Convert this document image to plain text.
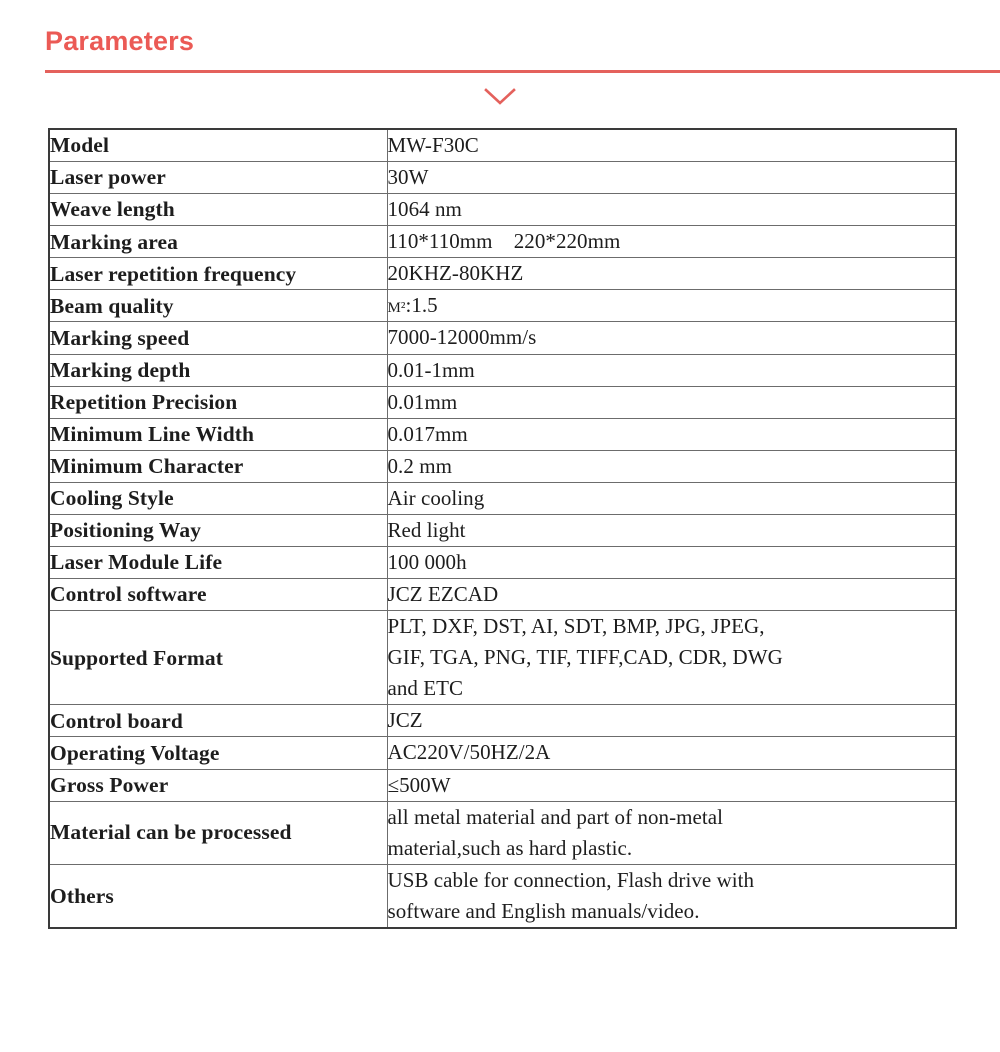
Parameters
Model	MW-F30C

Laser power	30W

Weave length	1064 nm

Marking area	110*110mm    220*220mm

Laser repetition frequency	20KHZ-80KHZ

Beam quality	M²:1.5

Marking speed	7000-12000mm/s

Marking depth	0.01-1mm

Repetition Precision	0.01mm

Minimum Line Width	0.017mm

Minimum Character	0.2 mm

Cooling Style	Air cooling

Positioning Way	Red light

Laser Module Life	100 000h

Control software	JCZ EZCAD

Supported Format	PLT, DXF, DST, AI, SDT, BMP, JPG, JPEG,
GIF, TGA, PNG, TIF, TIFF,CAD, CDR, DWG
and ETC

Control board	JCZ

Operating Voltage	AC220V/50HZ/2A

Gross Power	≤500W

Material can be processed	all metal material and part of non-metal
material,such as hard plastic.

Others	USB cable for connection, Flash drive with
software and English manuals/video.
